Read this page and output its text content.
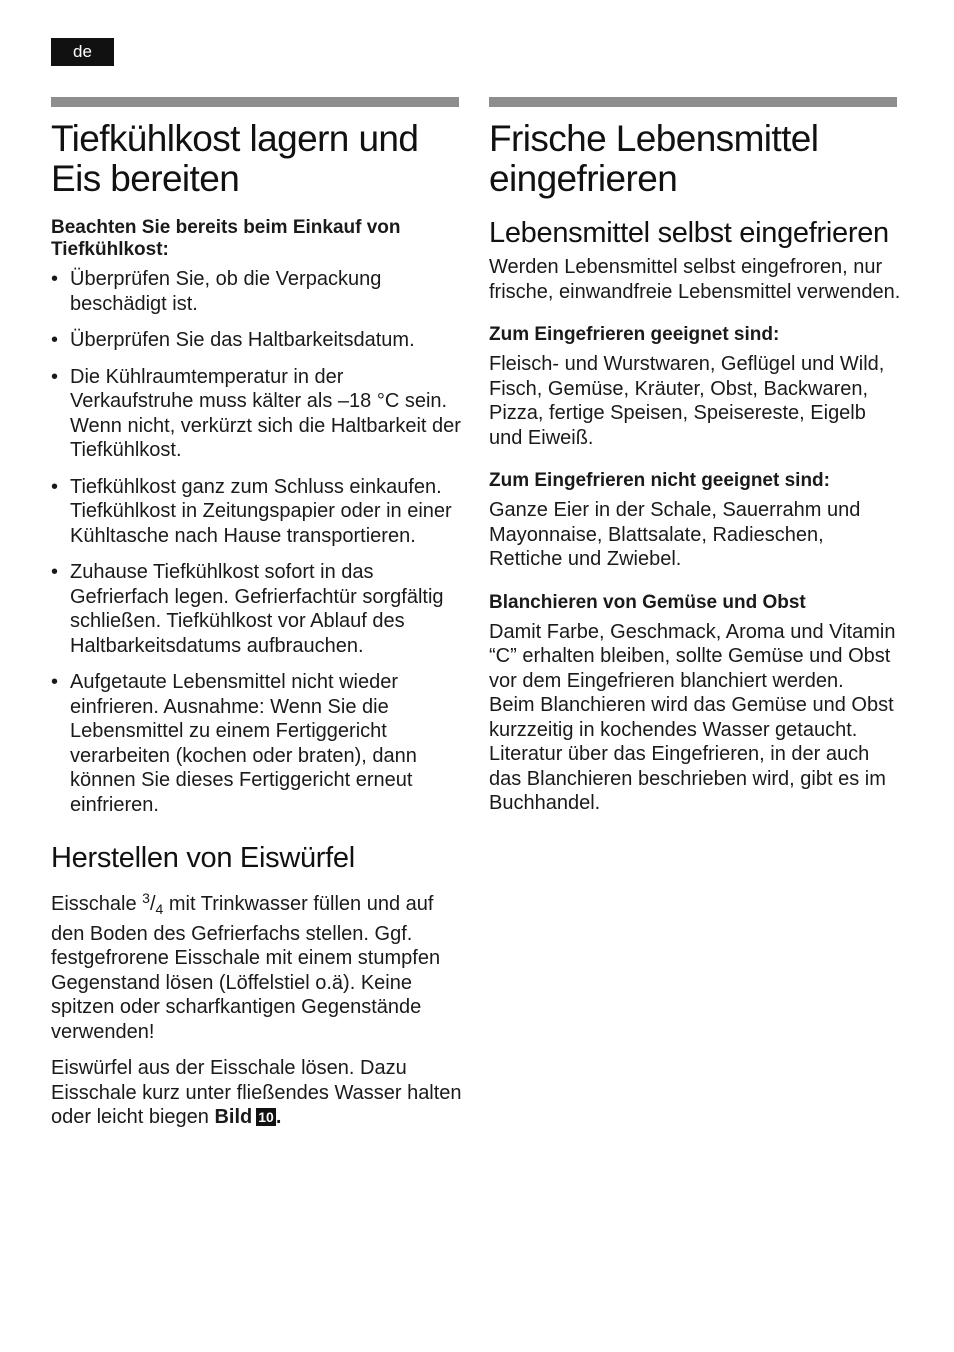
de
Tiefkühlkost lagern und Eis bereiten
Beachten Sie bereits beim Einkauf von Tiefkühlkost:
• Überprüfen Sie, ob die Verpackung beschädigt ist.
• Überprüfen Sie das Haltbarkeitsdatum.
• Die Kühlraumtemperatur in der Verkaufstruhe muss kälter als –18 °C sein. Wenn nicht, verkürzt sich die Haltbarkeit der Tiefkühlkost.
• Tiefkühlkost ganz zum Schluss einkaufen. Tiefkühlkost in Zeitungspapier oder in einer Kühltasche nach Hause transportieren.
• Zuhause Tiefkühlkost sofort in das Gefrierfach legen. Gefrierfachtür sorgfältig schließen. Tiefkühlkost vor Ablauf des Haltbarkeitsdatums aufbrauchen.
• Aufgetaute Lebensmittel nicht wieder einfrieren. Ausnahme: Wenn Sie die Lebensmittel zu einem Fertiggericht verarbeiten (kochen oder braten), dann können Sie dieses Fertiggericht erneut einfrieren.
Herstellen von Eiswürfel

Eisschale $^3/_4$ mit Trinkwasser füllen und auf den Boden des Gefrierfachs stellen. Ggf. festgefrorene Eisschale mit einem stumpfen Gegenstand lösen (Löffelstiel o.ä). Keine spitzen oder scharfkantigen Gegenstände verwenden!

Eiswürfel aus der Eisschale lösen. Dazu Eisschale kurz unter fließendes Wasser halten oder leicht biegen Bild 10 .

Frische Lebensmittel eingefrieren
Lebensmittel selbst eingefrieren

Werden Lebensmittel selbst eingefroren, nur frische, einwandfreie Lebensmittel verwenden.

Zum Eingefrieren geeignet sind:

Fleisch- und Wurstwaren, Geflügel und Wild, Fisch, Gemüse, Kräuter, Obst, Backwaren, Pizza, fertige Speisen, Speisereste, Eigelb und Eiweiß.

Zum Eingefrieren nicht geeignet sind:

Ganze Eier in der Schale, Sauerrahm und Mayonnaise, Blattsalate, Radieschen, Rettiche und Zwiebel.

Blanchieren von Gemüse und Obst

Damit Farbe, Geschmack, Aroma und Vitamin “C” erhalten bleiben, sollte Gemüse und Obst vor dem Eingefrieren blanchiert werden.

Beim Blanchieren wird das Gemüse und Obst kurzzeitig in kochendes Wasser getaucht.

Literatur über das Eingefrieren, in der auch das Blanchieren beschrieben wird, gibt es im Buchhandel.
